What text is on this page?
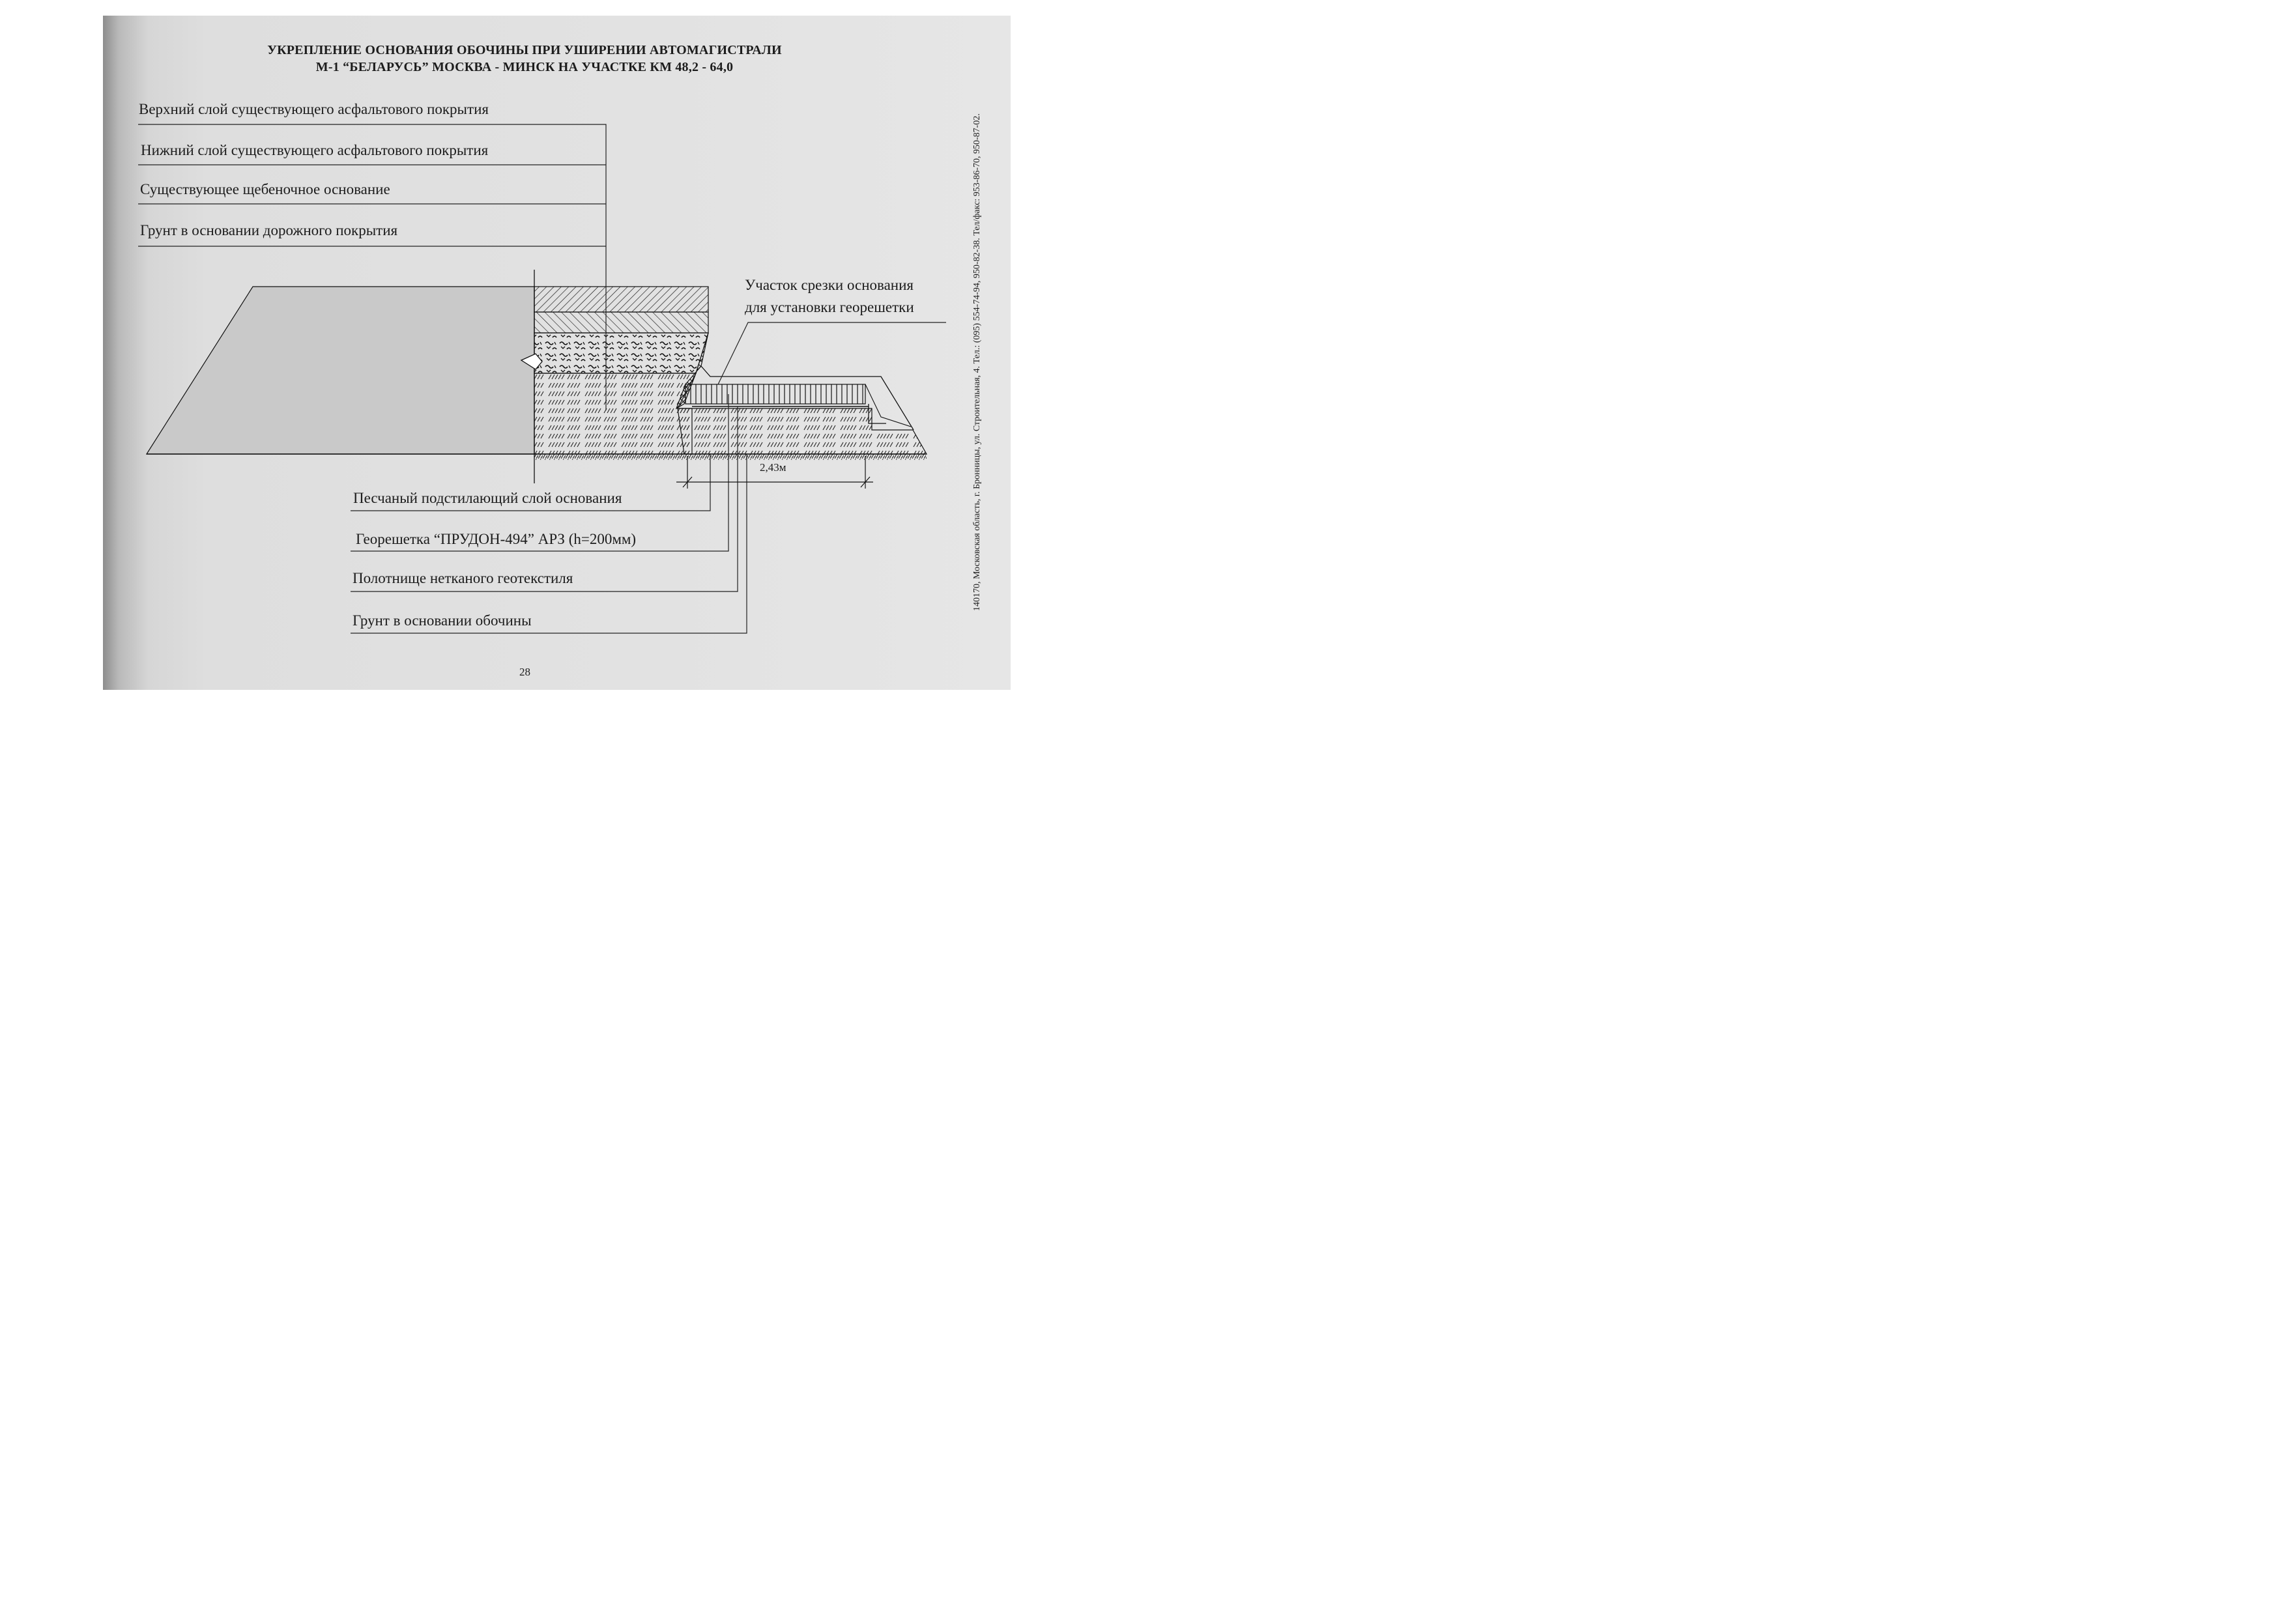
УКРЕПЛЕНИЕ ОСНОВАНИЯ ОБОЧИНЫ ПРИ УШИРЕНИИ АВТОМАГИСТРАЛИ
М-1 “БЕЛАРУСЬ” МОСКВА - МИНСК НА УЧАСТКЕ КМ 48,2 - 64,0
Верхний слой существующего асфальтового покрытия
Нижний слой существующего асфальтового покрытия
Существующее щебеночное основание
Грунт в основании дорожного покрытия
Участок срезки основания
для установки георешетки
2,43м
Песчаный подстилающий слой основания
Георешетка “ПРУДОН-494” АРЗ (h=200мм)
Полотнище нетканого геотекстиля
Грунт в основании обочины
28
140170, Московская область, г. Бронницы, ул. Строительная, 4. Тел.: (095) 554-74-94, 950-82-38. Тел/факс: 953-86-70, 950-87-02.
